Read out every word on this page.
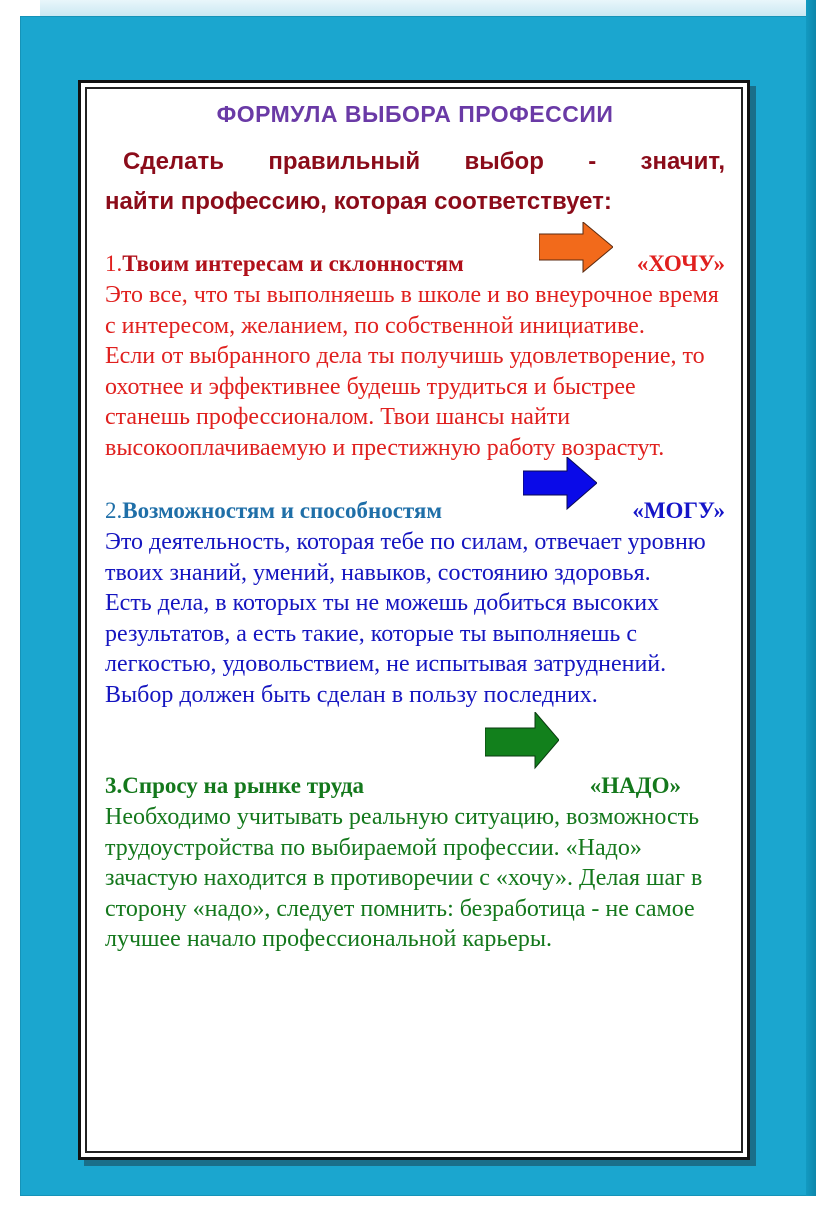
ФОРМУЛА ВЫБОРА ПРОФЕССИИ

Сделать правильный выбор - значит,
найти профессию, которая соответствует:

1.Твоим интересам и склонностям	«ХОЧУ»

Это все, что ты выполняешь в школе и во внеурочное время с интересом, желанием, по собственной инициативе.

Если от выбранного дела ты получишь удовлетворение, то охотнее и эффективнее будешь трудиться и быстрее станешь профессионалом. Твои шансы найти высокооплачиваемую и престижную работу возрастут.

2.Возможностям и способностям	«МОГУ»

Это деятельность, которая тебе по силам, отвечает уровню твоих знаний, умений, навыков, состоянию здоровья.

Есть дела, в которых ты не можешь добиться высоких результатов, а есть такие, которые ты выполняешь с легкостью, удовольствием, не испытывая затруднений. Выбор должен быть сделан в пользу последних.

3.Спросу на рынке труда	«НАДО»

Необходимо учитывать реальную ситуацию, возможность трудоустройства по выбираемой профессии. «Надо» зачастую находится в противоречии с «хочу». Делая шаг в сторону «надо», следует помнить: безработица - не самое лучшее начало профессиональной карьеры.
